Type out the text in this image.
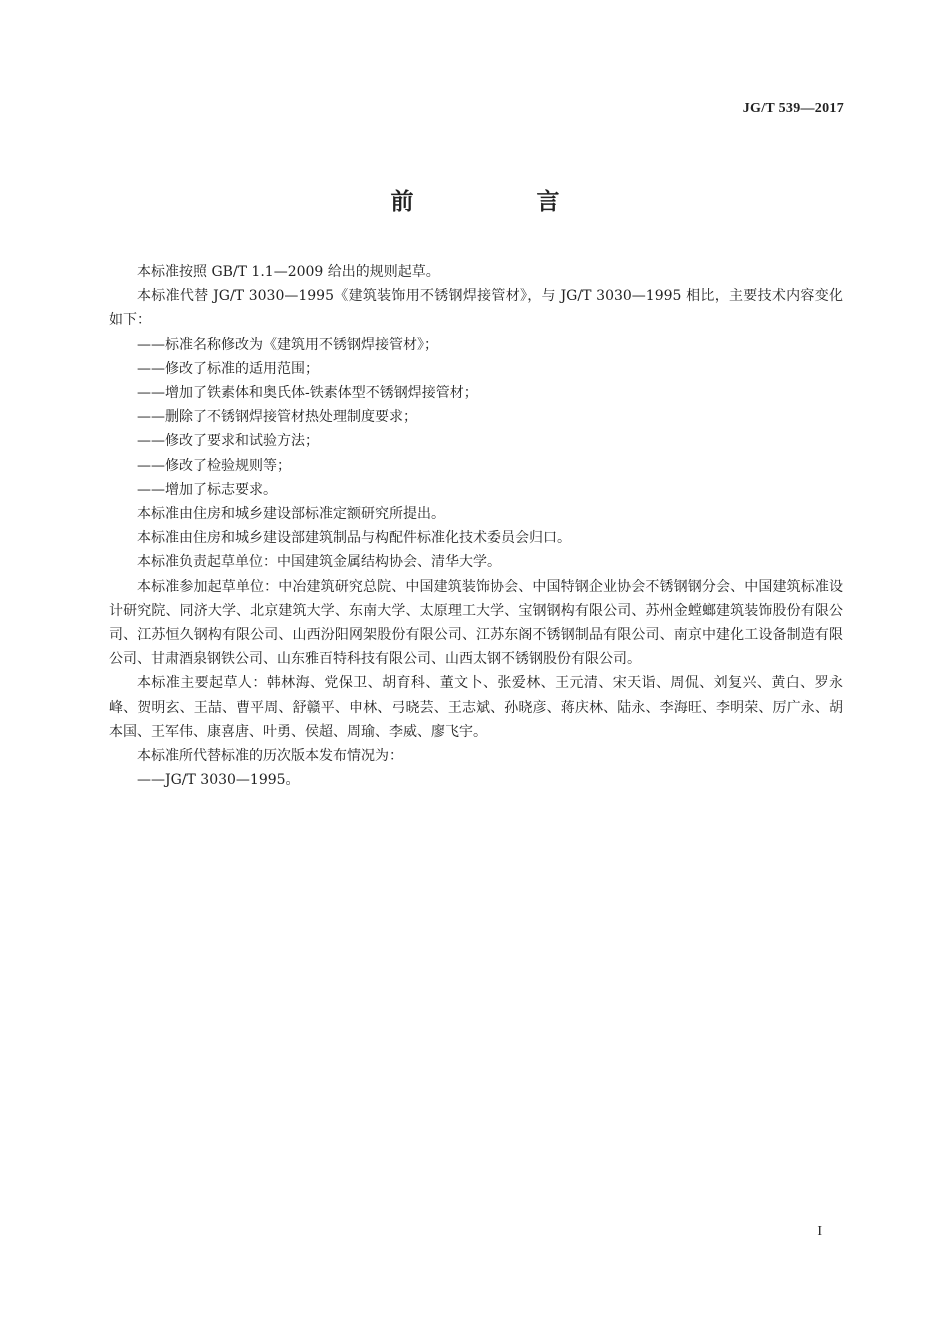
JG/T 539—2017
前　言

本标准按照 GB/T 1.1—2009 给出的规则起草。

本标准代替 JG/T 3030—1995《建筑装饰用不锈钢焊接管材》，与 JG/T 3030—1995 相比，主要技术内容变化如下：

——标准名称修改为《建筑用不锈钢焊接管材》；

——修改了标准的适用范围；

——增加了铁素体和奥氏体-铁素体型不锈钢焊接管材；

——删除了不锈钢焊接管材热处理制度要求；

——修改了要求和试验方法；

——修改了检验规则等；

——增加了标志要求。

本标准由住房和城乡建设部标准定额研究所提出。

本标准由住房和城乡建设部建筑制品与构配件标准化技术委员会归口。

本标准负责起草单位：中国建筑金属结构协会、清华大学。

本标准参加起草单位：中冶建筑研究总院、中国建筑装饰协会、中国特钢企业协会不锈钢钢分会、中国建筑标准设计研究院、同济大学、北京建筑大学、东南大学、太原理工大学、宝钢钢构有限公司、苏州金螳螂建筑装饰股份有限公司、江苏恒久钢构有限公司、山西汾阳网架股份有限公司、江苏东阁不锈钢制品有限公司、南京中建化工设备制造有限公司、甘肃酒泉钢铁公司、山东雅百特科技有限公司、山西太钢不锈钢股份有限公司。

本标准主要起草人：韩林海、党保卫、胡育科、董文卜、张爱林、王元清、宋天诣、周侃、刘复兴、黄白、罗永峰、贺明玄、王喆、曹平周、舒赣平、申林、弓晓芸、王志斌、孙晓彦、蒋庆林、陆永、李海旺、李明荣、厉广永、胡本国、王军伟、康喜唐、叶勇、侯超、周瑜、李威、廖飞宇。

本标准所代替标准的历次版本发布情况为：

——JG/T 3030—1995。

I
